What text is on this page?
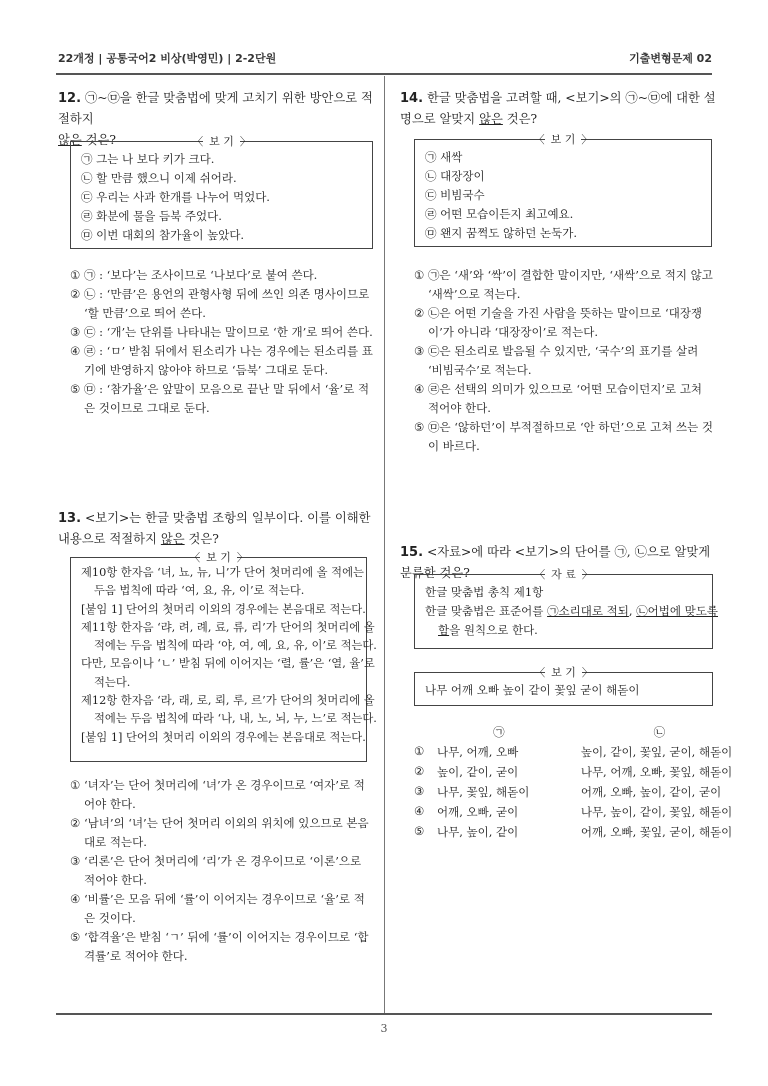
22개정 | 공통국어2 비상(박영민) | 2-2단원	기출변형문제 02
12. ㉠~㉤을 한글 맞춤법에 맞게 고치기 위한 방안으로 적절하지
않은 것은?	〈 보 기 〉
㉠ 그는 나 보다 키가 크다.
㉡ 할 만큼 했으니 이제 쉬어라.
㉢ 우리는 사과 한개를 나누어 먹었다.
㉣ 화분에 물을 듬북 주었다.
㉤ 이번 대회의 참가율이 높았다.
① ㉠ : ‘보다’는 조사이므로 ‘나보다’로 붙여 쓴다.
② ㉡ : ‘만큼’은 용언의 관형사형 뒤에 쓰인 의존 명사이므로 ‘할 만큼’으로 띄어 쓴다.
③ ㉢ : ‘개’는 단위를 나타내는 말이므로 ‘한 개’로 띄어 쓴다.
④ ㉣ : ‘ㅁ’ 받침 뒤에서 된소리가 나는 경우에는 된소리를 표기에 반영하지 않아야 하므로 ‘듬북’ 그대로 둔다.
⑤ ㉤ : ‘참가율’은 앞말이 모음으로 끝난 말 뒤에서 ‘율’로 적은 것이므로 그대로 둔다.
13. <보기>는 한글 맞춤법 조항의 일부이다. 이를 이해한 내용으로 적절하지 않은 것은?
〈 보 기 〉
제10항 한자음 ‘녀, 뇨, 뉴, 니’가 단어 첫머리에 올 적에는
두음 법칙에 따라 ‘여, 요, 유, 이’로 적는다.
[붙임 1] 단어의 첫머리 이외의 경우에는 본음대로 적는다.
제11항 한자음 ‘랴, 려, 례, 료, 류, 리’가 단어의 첫머리에 올
적에는 두음 법칙에 따라 ‘야, 여, 예, 요, 유, 이’로 적는다.
다만, 모음이나 ‘ㄴ’ 받침 뒤에 이어지는 ‘렬, 률’은 ‘열, 율’로
적는다.
제12항 한자음 ‘라, 래, 로, 뢰, 루, 르’가 단어의 첫머리에 올
적에는 두음 법칙에 따라 ‘나, 내, 노, 뇌, 누, 느’로 적는다.
[붙임 1] 단어의 첫머리 이외의 경우에는 본음대로 적는다.
① ‘녀자’는 단어 첫머리에 ‘녀’가 온 경우이므로 ‘여자’로 적어야 한다.
② ‘남녀’의 ‘녀’는 단어 첫머리 이외의 위치에 있으므로 본음대로 적는다.
③ ‘리론’은 단어 첫머리에 ‘리’가 온 경우이므로 ‘이론’으로 적어야 한다.
④ ‘비률’은 모음 뒤에 ‘률’이 이어지는 경우이므로 ‘율’로 적은 것이다.
⑤ ‘합격율’은 받침 ‘ㄱ’ 뒤에 ‘률’이 이어지는 경우이므로 ‘합격률’로 적어야 한다.
14. 한글 맞춤법을 고려할 때, <보기>의 ㉠~㉤에 대한 설명으로 알맞지 않은 것은?
〈 보 기 〉
㉠ 새싹
㉡ 대장장이
㉢ 비빔국수
㉣ 어떤 모습이든지 최고예요.
㉤ 왠지 꿈쩍도 않하던 논둑가.
① ㉠은 ‘새’와 ‘싹’이 결합한 말이지만, ‘새싹’으로 적지 않고 ‘새싹’으로 적는다.
② ㉡은 어떤 기술을 가진 사람을 뜻하는 말이므로 ‘대장쟁이’가 아니라 ‘대장장이’로 적는다.
③ ㉢은 된소리로 발음될 수 있지만, ‘국수’의 표기를 살려 ‘비빔국수’로 적는다.
④ ㉣은 선택의 의미가 있으므로 ‘어떤 모습이던지’로 고쳐 적어야 한다.
⑤ ㉤은 ‘않하던’이 부적절하므로 ‘안 하던’으로 고쳐 쓰는 것이 바르다.
15. <자료>에 따라 <보기>의 단어를 ㉠, ㉡으로 알맞게 분류한 것은?	〈 자 료 〉
한글 맞춤법 총칙 제1항
한글 맞춤법은 표준어를 ㉠소리대로 적되, ㉡어법에 맞도록
함을 원칙으로 한다.
〈 보 기 〉
나무 어깨 오빠 높이 같이 꽃잎 굳이 해돋이
	㉠	㉡
①	나무, 어깨, 오빠	높이, 같이, 꽃잎, 굳이, 해돋이
②	높이, 같이, 굳이	나무, 어깨, 오빠, 꽃잎, 해돋이
③	나무, 꽃잎, 해돋이	어깨, 오빠, 높이, 같이, 굳이
④	어깨, 오빠, 굳이	나무, 높이, 같이, 꽃잎, 해돋이
⑤	나무, 높이, 같이	어깨, 오빠, 꽃잎, 굳이, 해돋이
3
